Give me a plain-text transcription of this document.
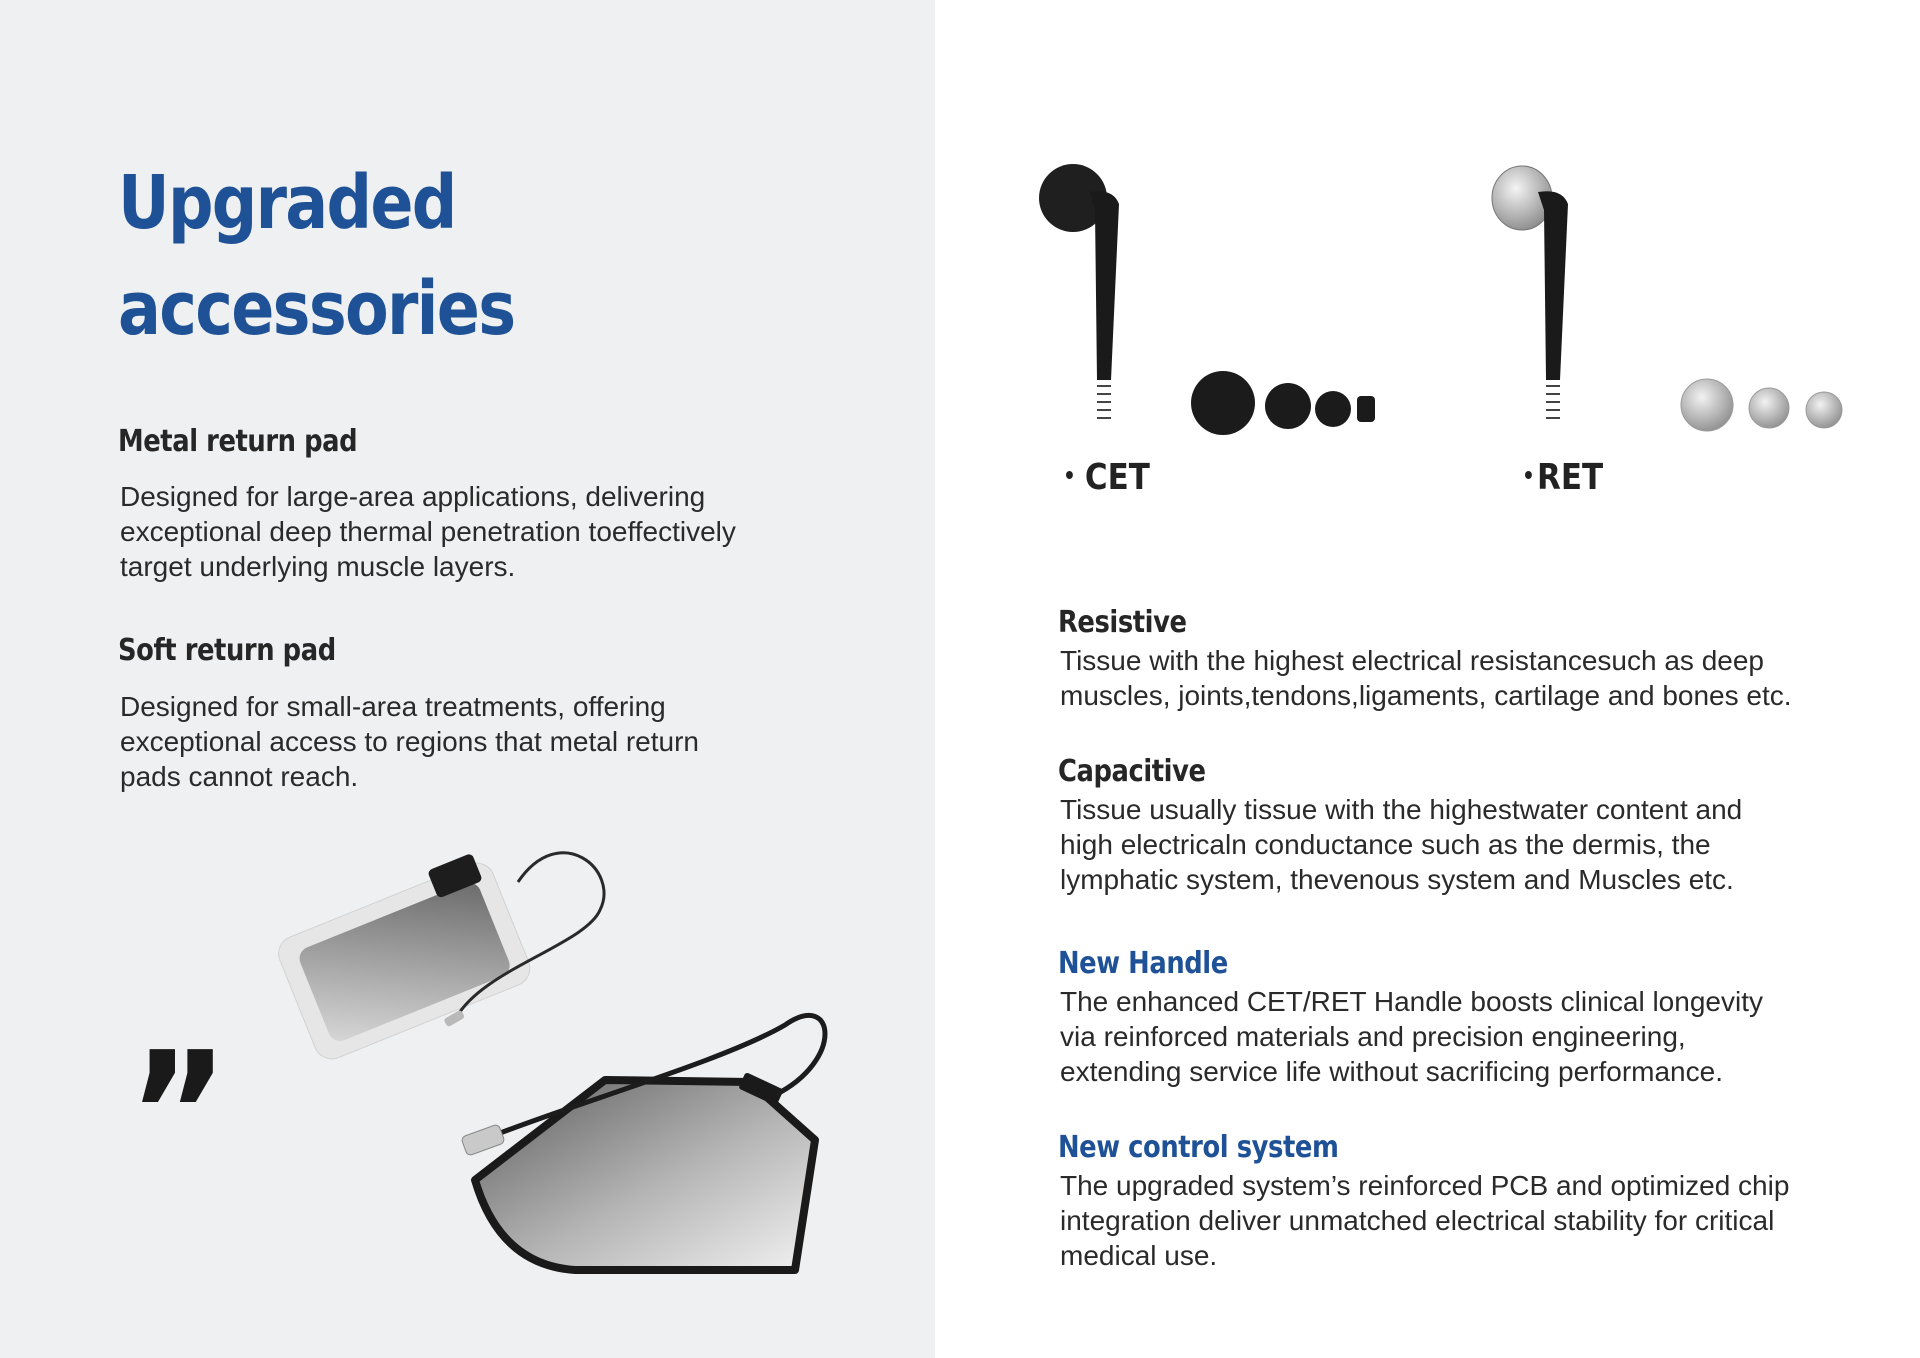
Upgraded
accessories
Metal return pad

Designed for large-area applications, delivering
exceptional deep thermal penetration toeffectively
target underlying muscle layers.

Soft return pad

Designed for small-area treatments, offering
exceptional access to regions that metal return
pads cannot reach.

”
CET	RET
Resistive

Tissue with the highest electrical resistancesuch as deep
muscles, joints,tendons,ligaments, cartilage and bones etc.

Capacitive

Tissue usually tissue with the highestwater content and
high electricaln conductance such as the dermis, the
lymphatic system, thevenous system and Muscles etc.

New Handle

The enhanced CET/RET Handle boosts clinical longevity
via reinforced materials and precision engineering,
extending service life without sacrificing performance.

New control system

The upgraded system’s reinforced PCB and optimized chip
integration deliver unmatched electrical stability for critical
medical use.
